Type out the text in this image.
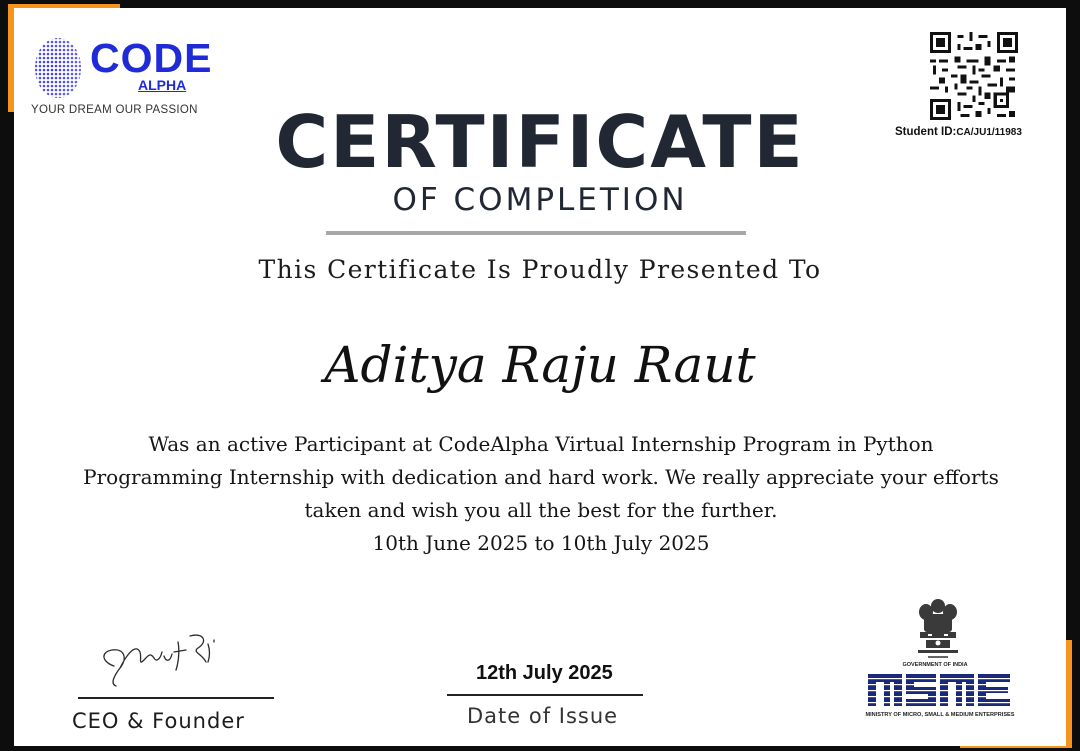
CODE
ALPHA
YOUR DREAM OUR PASSION
Student ID:CA/JU1/11983
CERTIFICATE
OF COMPLETION
This Certificate Is Proudly Presented To
Aditya Raju Raut
Was an active Participant at CodeAlpha Virtual Internship Program in Python
Programming Internship with dedication and hard work. We really appreciate your efforts
taken and wish you all the best for the further.
10th June 2025 to 10th July 2025
CEO & Founder
12th July 2025
Date of Issue
GOVERNMENT OF INDIA
MINISTRY OF MICRO, SMALL & MEDIUM ENTERPRISES
